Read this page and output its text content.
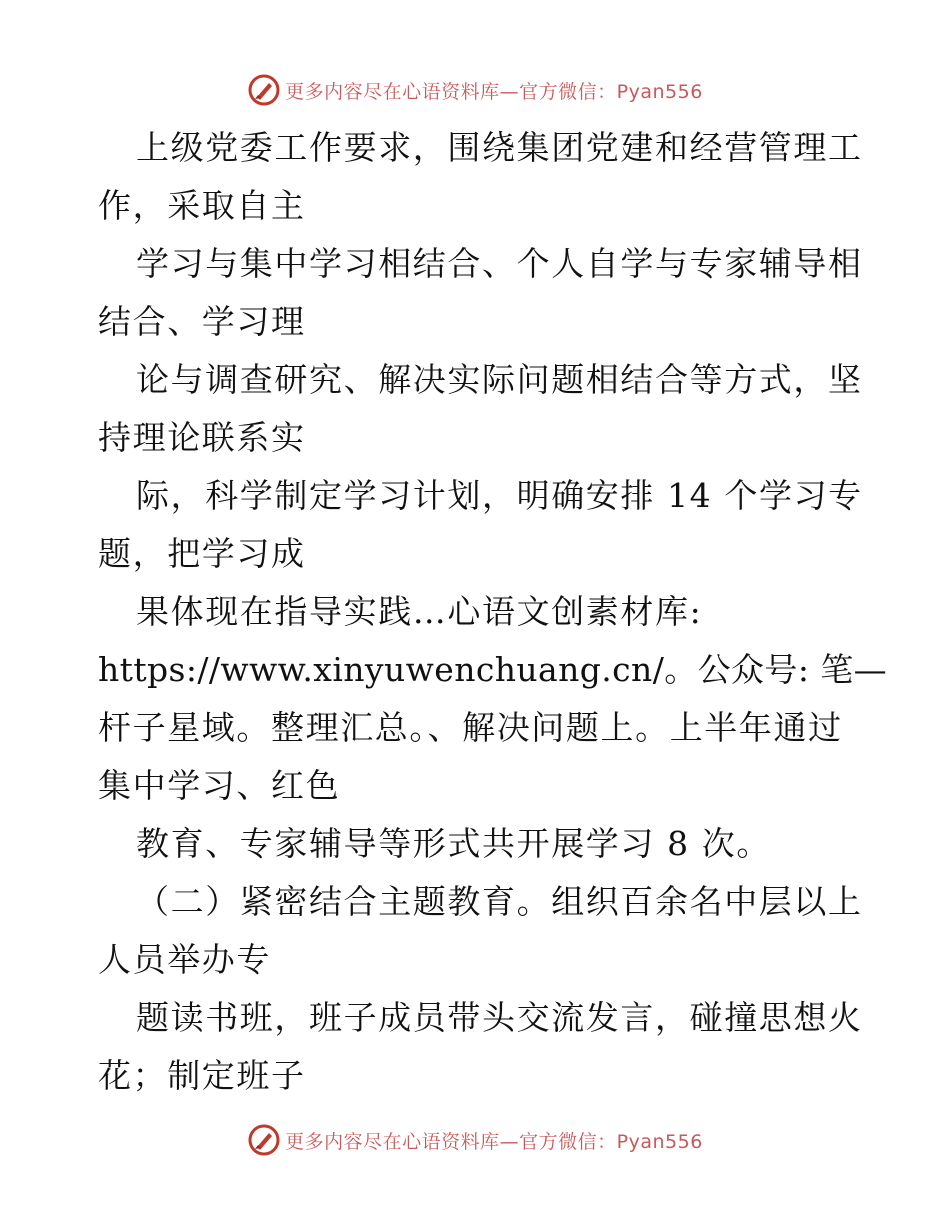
更多内容尽在心语资料库—官方微信：Pyan556
上级党委工作要求，围绕集团党建和经营管理工
作，采取自主
学习与集中学习相结合、个人自学与专家辅导相
结合、学习理
论与调查研究、解决实际问题相结合等方式，坚
持理论联系实
际，科学制定学习计划，明确安排 14 个学习专
题，把学习成
果体现在指导实践…心语文创素材库:
https://www.xinyuwenchuang.cn/。公众号: 笔—
杆子星域。整理汇总。、解决问题上。上半年通过
集中学习、红色
教育、专家辅导等形式共开展学习 8 次。
（二）紧密结合主题教育。组织百余名中层以上
人员举办专
题读书班，班子成员带头交流发言，碰撞思想火
花；制定班子
更多内容尽在心语资料库—官方微信：Pyan556
